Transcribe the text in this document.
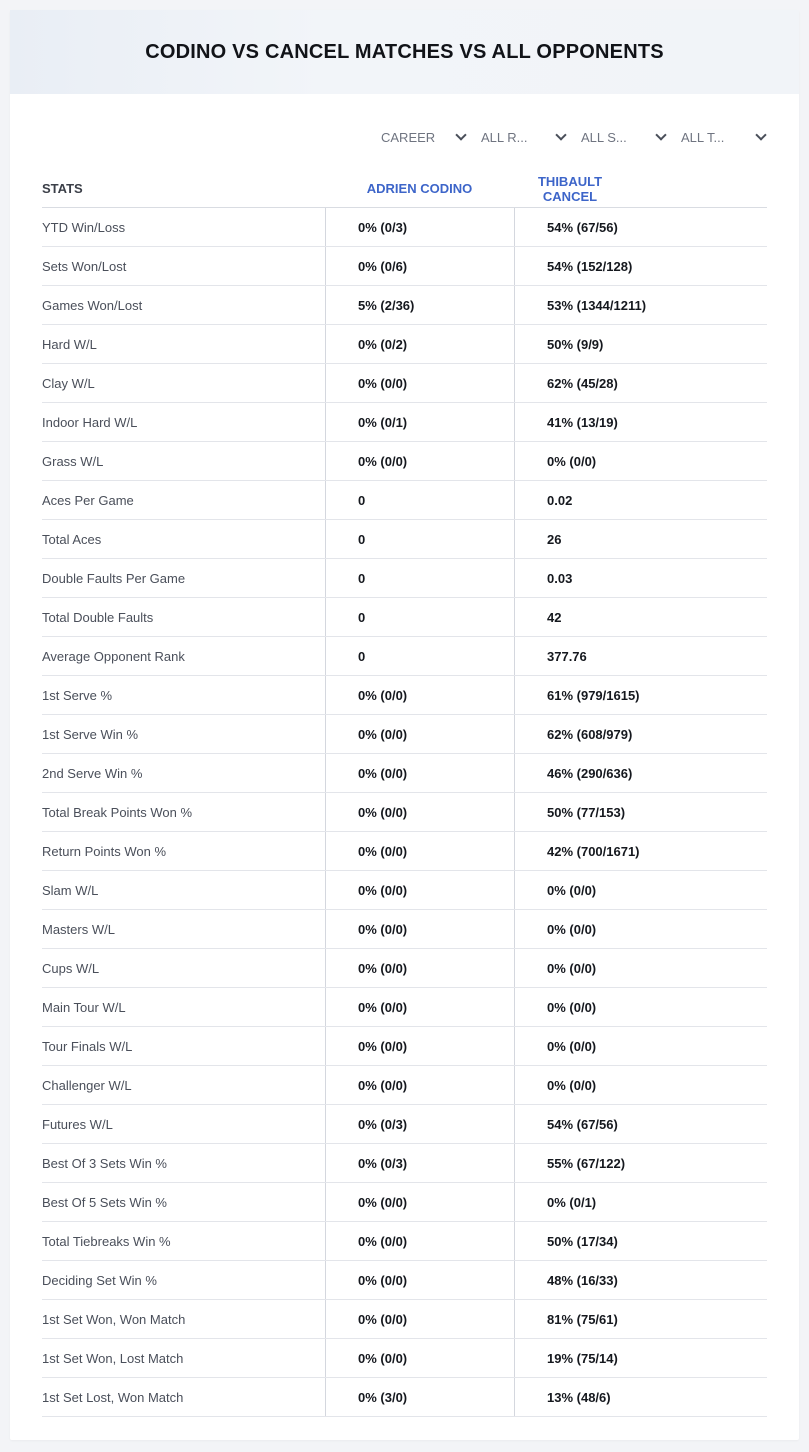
CODINO VS CANCEL MATCHES VS ALL OPPONENTS
CAREER	ALL R...	ALL S...	ALL T...
STATS	ADRIEN CODINO	THIBAULT CANCEL
YTD Win/Loss	0% (0/3)	54% (67/56)
Sets Won/Lost	0% (0/6)	54% (152/128)
Games Won/Lost	5% (2/36)	53% (1344/1211)
Hard W/L	0% (0/2)	50% (9/9)
Clay W/L	0% (0/0)	62% (45/28)
Indoor Hard W/L	0% (0/1)	41% (13/19)
Grass W/L	0% (0/0)	0% (0/0)
Aces Per Game	0	0.02
Total Aces	0	26
Double Faults Per Game	0	0.03
Total Double Faults	0	42
Average Opponent Rank	0	377.76
1st Serve %	0% (0/0)	61% (979/1615)
1st Serve Win %	0% (0/0)	62% (608/979)
2nd Serve Win %	0% (0/0)	46% (290/636)
Total Break Points Won %	0% (0/0)	50% (77/153)
Return Points Won %	0% (0/0)	42% (700/1671)
Slam W/L	0% (0/0)	0% (0/0)
Masters W/L	0% (0/0)	0% (0/0)
Cups W/L	0% (0/0)	0% (0/0)
Main Tour W/L	0% (0/0)	0% (0/0)
Tour Finals W/L	0% (0/0)	0% (0/0)
Challenger W/L	0% (0/0)	0% (0/0)
Futures W/L	0% (0/3)	54% (67/56)
Best Of 3 Sets Win %	0% (0/3)	55% (67/122)
Best Of 5 Sets Win %	0% (0/0)	0% (0/1)
Total Tiebreaks Win %	0% (0/0)	50% (17/34)
Deciding Set Win %	0% (0/0)	48% (16/33)
1st Set Won, Won Match	0% (0/0)	81% (75/61)
1st Set Won, Lost Match	0% (0/0)	19% (75/14)
1st Set Lost, Won Match	0% (3/0)	13% (48/6)
